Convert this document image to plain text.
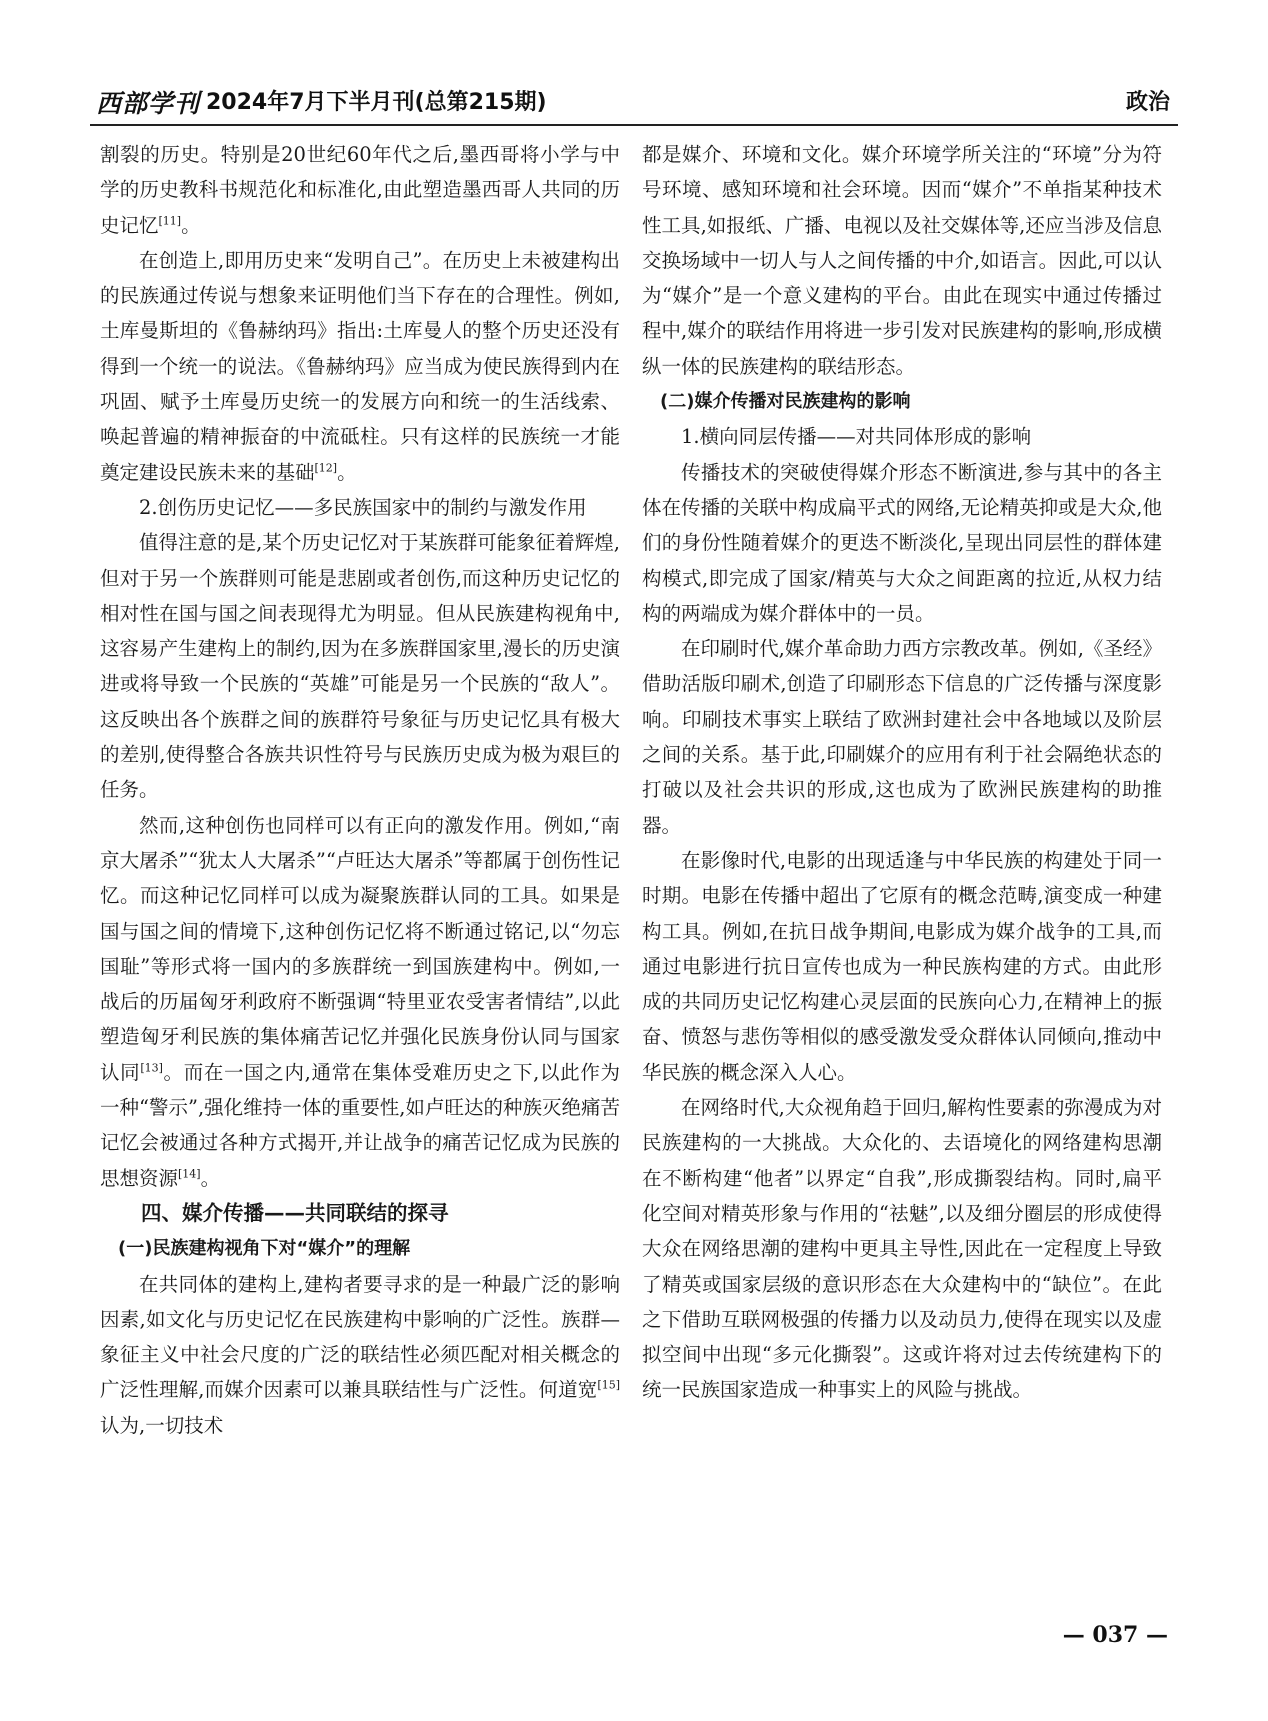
西部学刊 2024年7月下半月刊(总第215期)	政治

割裂的历史。特别是20世纪60年代之后,墨西哥将小学与中学的历史教科书规范化和标准化,由此塑造墨西哥人共同的历史记忆[11]。

在创造上,即用历史来“发明自己”。在历史上未被建构出的民族通过传说与想象来证明他们当下存在的合理性。例如,土库曼斯坦的《鲁赫纳玛》指出:土库曼人的整个历史还没有得到一个统一的说法。《鲁赫纳玛》应当成为使民族得到内在巩固、赋予土库曼历史统一的发展方向和统一的生活线索、唤起普遍的精神振奋的中流砥柱。只有这样的民族统一才能奠定建设民族未来的基础[12]。

2.创伤历史记忆——多民族国家中的制约与激发作用

值得注意的是,某个历史记忆对于某族群可能象征着辉煌,但对于另一个族群则可能是悲剧或者创伤,而这种历史记忆的相对性在国与国之间表现得尤为明显。但从民族建构视角中,这容易产生建构上的制约,因为在多族群国家里,漫长的历史演进或将导致一个民族的“英雄”可能是另一个民族的“敌人”。这反映出各个族群之间的族群符号象征与历史记忆具有极大的差别,使得整合各族共识性符号与民族历史成为极为艰巨的任务。

然而,这种创伤也同样可以有正向的激发作用。例如,“南京大屠杀”“犹太人大屠杀”“卢旺达大屠杀”等都属于创伤性记忆。而这种记忆同样可以成为凝聚族群认同的工具。如果是国与国之间的情境下,这种创伤记忆将不断通过铭记,以“勿忘国耻”等形式将一国内的多族群统一到国族建构中。例如,一战后的历届匈牙利政府不断强调“特里亚农受害者情结”,以此塑造匈牙利民族的集体痛苦记忆并强化民族身份认同与国家认同[13]。而在一国之内,通常在集体受难历史之下,以此作为一种“警示”,强化维持一体的重要性,如卢旺达的种族灭绝痛苦记忆会被通过各种方式揭开,并让战争的痛苦记忆成为民族的思想资源[14]。

四、媒介传播——共同联结的探寻

(一)民族建构视角下对“媒介”的理解

在共同体的建构上,建构者要寻求的是一种最广泛的影响因素,如文化与历史记忆在民族建构中影响的广泛性。族群—象征主义中社会尺度的广泛的联结性必须匹配对相关概念的广泛性理解,而媒介因素可以兼具联结性与广泛性。何道宽[15]认为,一切技术

都是媒介、环境和文化。媒介环境学所关注的“环境”分为符号环境、感知环境和社会环境。因而“媒介”不单指某种技术性工具,如报纸、广播、电视以及社交媒体等,还应当涉及信息交换场域中一切人与人之间传播的中介,如语言。因此,可以认为“媒介”是一个意义建构的平台。由此在现实中通过传播过程中,媒介的联结作用将进一步引发对民族建构的影响,形成横纵一体的民族建构的联结形态。

(二)媒介传播对民族建构的影响

1.横向同层传播——对共同体形成的影响

传播技术的突破使得媒介形态不断演进,参与其中的各主体在传播的关联中构成扁平式的网络,无论精英抑或是大众,他们的身份性随着媒介的更迭不断淡化,呈现出同层性的群体建构模式,即完成了国家/精英与大众之间距离的拉近,从权力结构的两端成为媒介群体中的一员。

在印刷时代,媒介革命助力西方宗教改革。例如,《圣经》借助活版印刷术,创造了印刷形态下信息的广泛传播与深度影响。印刷技术事实上联结了欧洲封建社会中各地域以及阶层之间的关系。基于此,印刷媒介的应用有利于社会隔绝状态的打破以及社会共识的形成,这也成为了欧洲民族建构的助推器。

在影像时代,电影的出现适逢与中华民族的构建处于同一时期。电影在传播中超出了它原有的概念范畴,演变成一种建构工具。例如,在抗日战争期间,电影成为媒介战争的工具,而通过电影进行抗日宣传也成为一种民族构建的方式。由此形成的共同历史记忆构建心灵层面的民族向心力,在精神上的振奋、愤怒与悲伤等相似的感受激发受众群体认同倾向,推动中华民族的概念深入人心。

在网络时代,大众视角趋于回归,解构性要素的弥漫成为对民族建构的一大挑战。大众化的、去语境化的网络建构思潮在不断构建“他者”以界定“自我”,形成撕裂结构。同时,扁平化空间对精英形象与作用的“祛魅”,以及细分圈层的形成使得大众在网络思潮的建构中更具主导性,因此在一定程度上导致了精英或国家层级的意识形态在大众建构中的“缺位”。在此之下借助互联网极强的传播力以及动员力,使得在现实以及虚拟空间中出现“多元化撕裂”。这或许将对过去传统建构下的统一民族国家造成一种事实上的风险与挑战。

— 037 —
